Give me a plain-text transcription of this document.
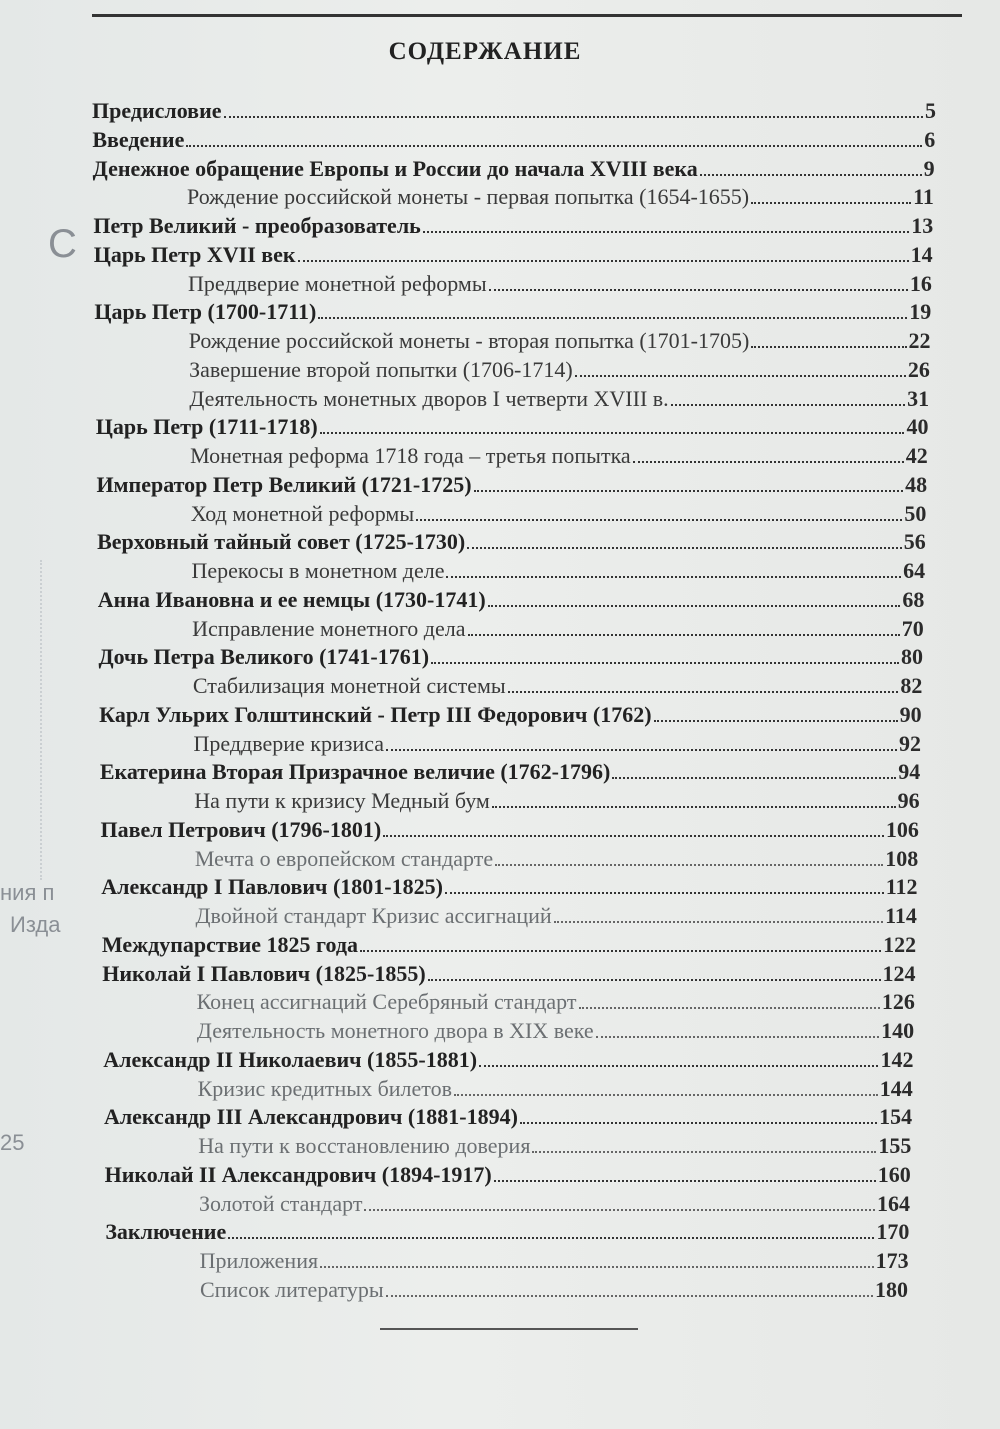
С
ния п
Изда
25
СОДЕРЖАНИЕ
Предисловие	5
Введение	6
Денежное обращение Европы и России до начала XVIII века	9
Рождение российской монеты - первая попытка (1654-1655)	11
Петр Великий - преобразователь	13
Царь Петр XVII век	14
Преддверие монетной реформы	16
Царь Петр (1700-1711)	19
Рождение российской монеты - вторая попытка (1701-1705)	22
Завершение второй попытки (1706-1714)	26
Деятельность монетных дворов I четверти XVIII в.	31
Царь Петр (1711-1718)	40
Монетная реформа 1718 года – третья попытка	42
Император Петр Великий (1721-1725)	48
Ход монетной реформы	50
Верховный тайный совет (1725-1730)	56
Перекосы в монетном деле	64
Анна Ивановна и ее немцы (1730-1741)	68
Исправление монетного дела	70
Дочь Петра Великого (1741-1761)	80
Стабилизация монетной системы	82
Карл Ульрих Голштинский - Петр III Федорович (1762)	90
Преддверие кризиса	92
Екатерина Вторая Призрачное величие (1762-1796)	94
На пути к кризису Медный бум	96
Павел Петрович (1796-1801)	106
Мечта о европейском стандарте	108
Александр I Павлович (1801-1825)	112
Двойной стандарт Кризис ассигнаций	114
Междупарствие 1825 года	122
Николай I Павлович (1825-1855)	124
Конец ассигнаций Серебряный стандарт	126
Деятельность монетного двора в XIX веке	140
Александр II Николаевич (1855-1881)	142
Кризис кредитных билетов	144
Александр III Александрович (1881-1894)	154
На пути к восстановлению доверия	155
Николай II Александрович (1894-1917)	160
Золотой стандарт	164
Заключение	170
Приложения	173
Список литературы	180
